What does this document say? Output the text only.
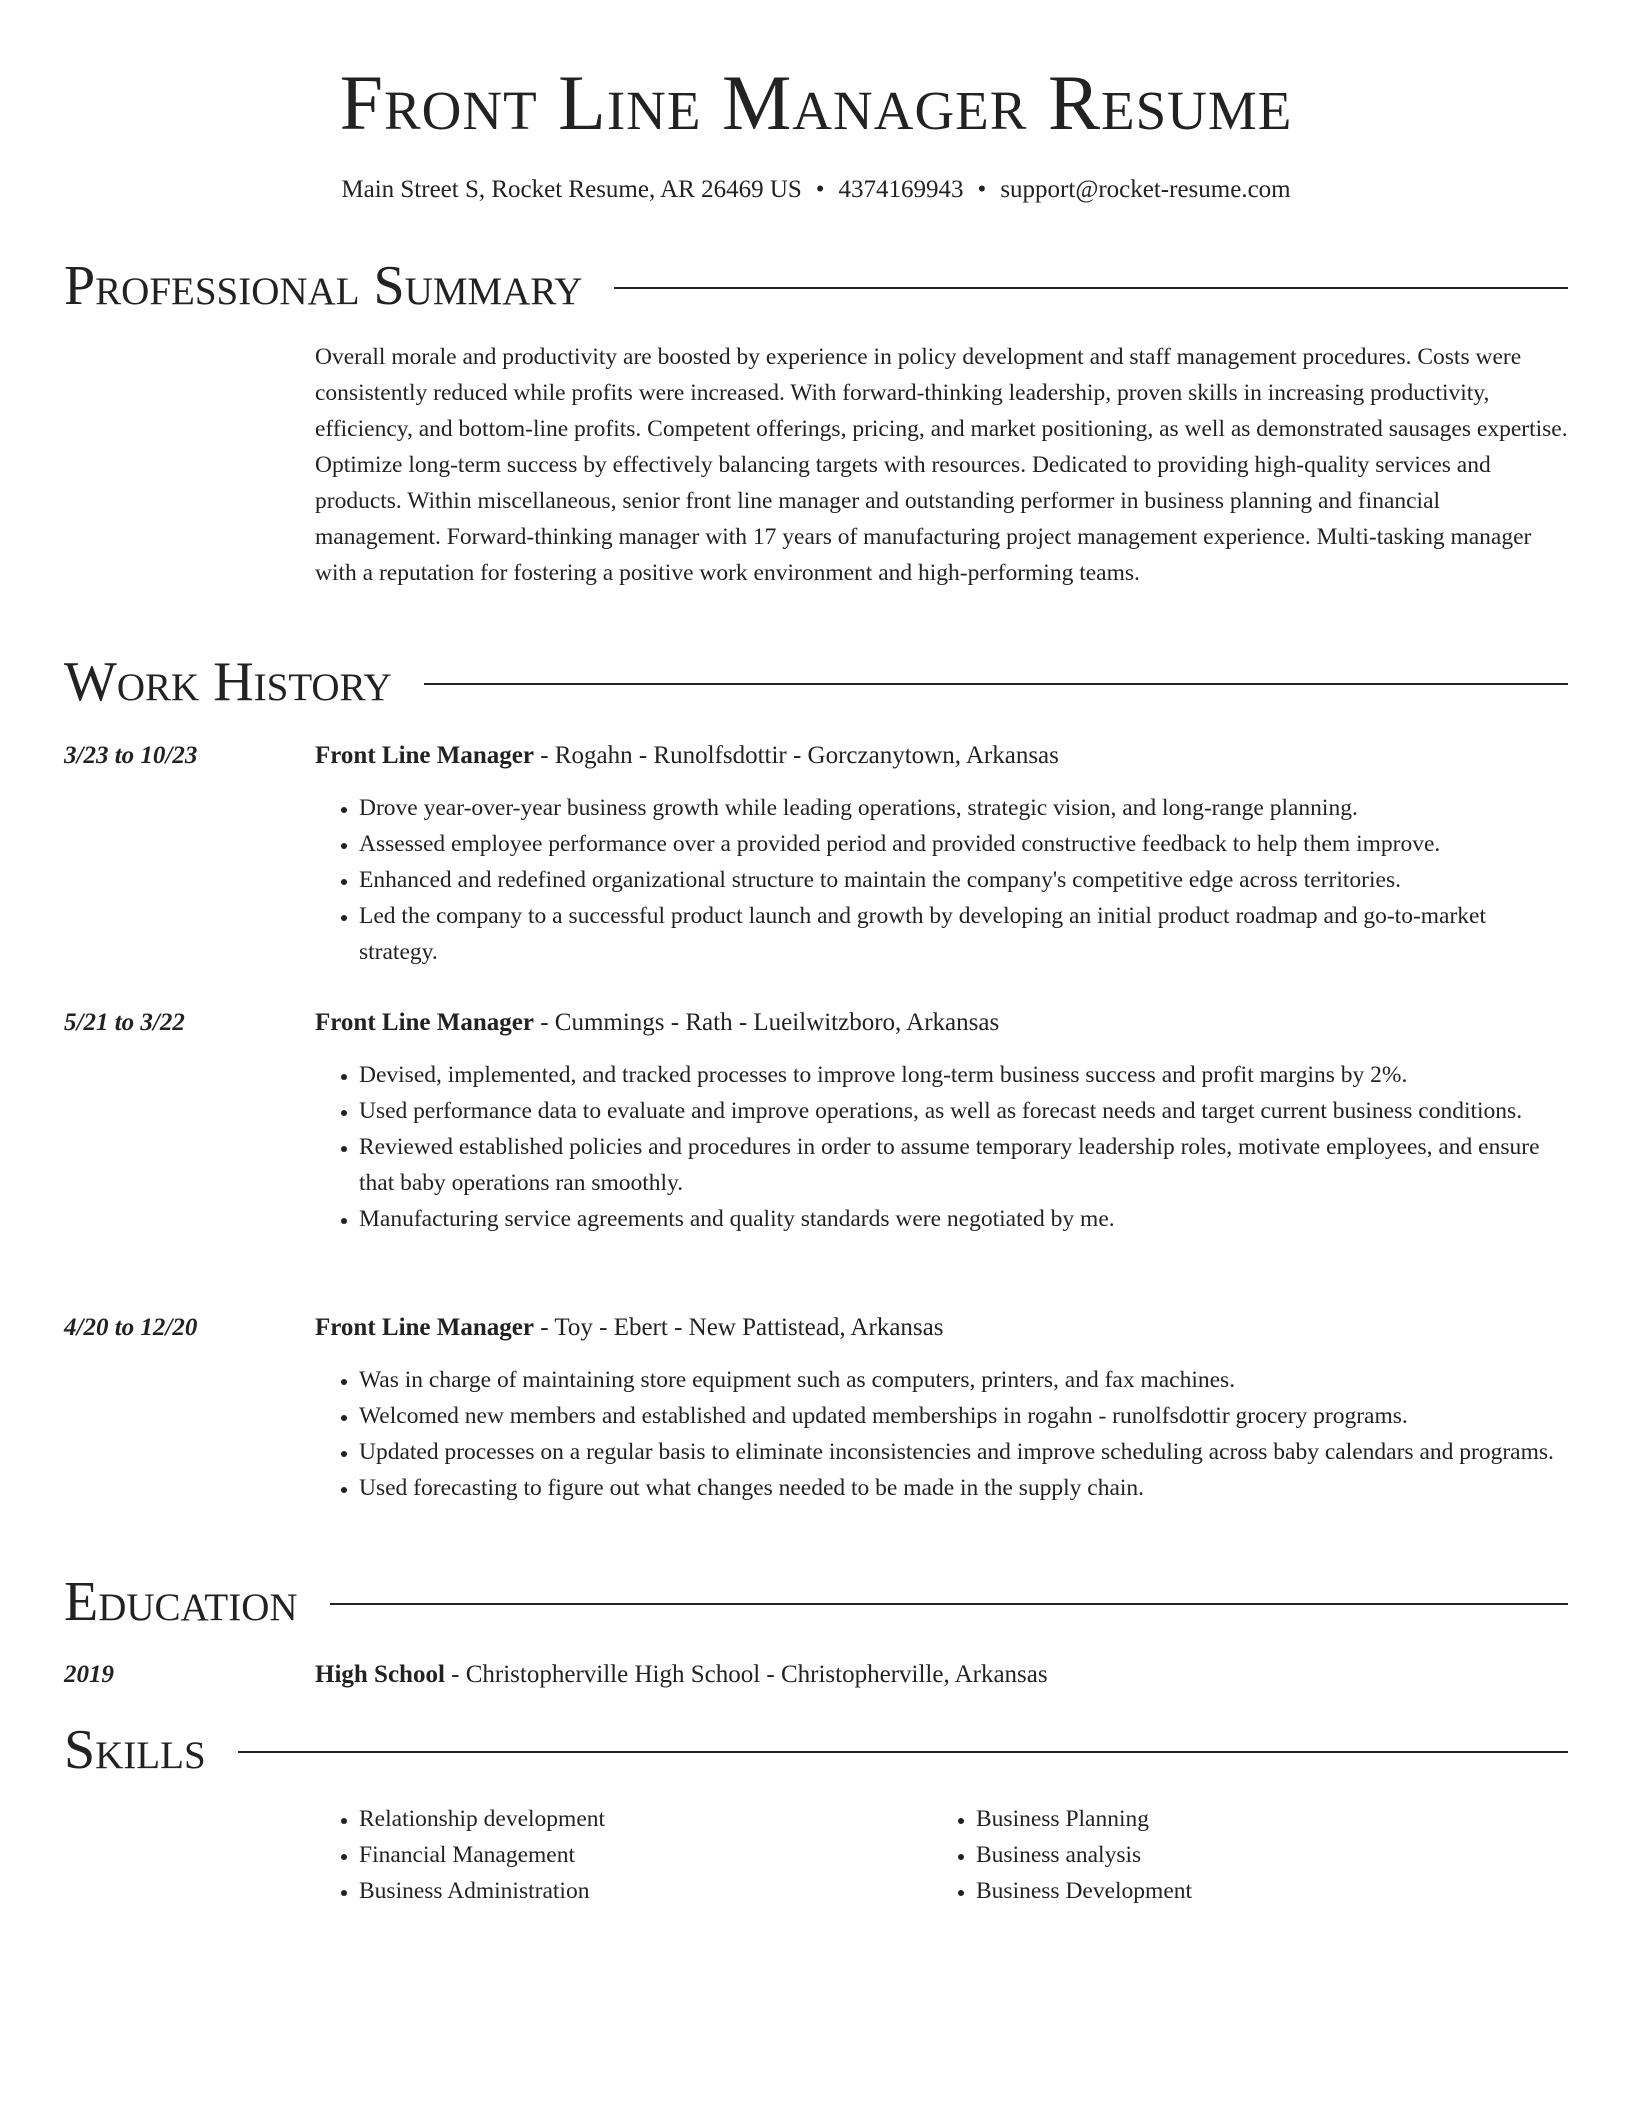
Front Line Manager Resume
Main Street S, Rocket Resume, AR 26469 US • 4374169943 • support@rocket-resume.com
Professional Summary

Overall morale and productivity are boosted by experience in policy development and staff management procedures. Costs were consistently reduced while profits were increased. With forward-thinking leadership, proven skills in increasing productivity, efficiency, and bottom-line profits. Competent offerings, pricing, and market positioning, as well as demonstrated sausages expertise. Optimize long-term success by effectively balancing targets with resources. Dedicated to providing high-quality services and products. Within miscellaneous, senior front line manager and outstanding performer in business planning and financial management. Forward-thinking manager with 17 years of manufacturing project management experience. Multi-tasking manager with a reputation for fostering a positive work environment and high-performing teams.

Work History
3/23 to 10/23	Front Line Manager - Rogahn - Runolfsdottir - Gorczanytown, Arkansas
• Drove year-over-year business growth while leading operations, strategic vision, and long-range planning.
• Assessed employee performance over a provided period and provided constructive feedback to help them improve.
• Enhanced and redefined organizational structure to maintain the company's competitive edge across territories.
• Led the company to a successful product launch and growth by developing an initial product roadmap and go-to-market strategy.
5/21 to 3/22	Front Line Manager - Cummings - Rath - Lueilwitzboro, Arkansas
• Devised, implemented, and tracked processes to improve long-term business success and profit margins by 2%.
• Used performance data to evaluate and improve operations, as well as forecast needs and target current business conditions.
• Reviewed established policies and procedures in order to assume temporary leadership roles, motivate employees, and ensure that baby operations ran smoothly.
• Manufacturing service agreements and quality standards were negotiated by me.
4/20 to 12/20	Front Line Manager - Toy - Ebert - New Pattistead, Arkansas
• Was in charge of maintaining store equipment such as computers, printers, and fax machines.
• Welcomed new members and established and updated memberships in rogahn - runolfsdottir grocery programs.
• Updated processes on a regular basis to eliminate inconsistencies and improve scheduling across baby calendars and programs.
• Used forecasting to figure out what changes needed to be made in the supply chain.
Education
2019	High School - Christopherville High School - Christopherville, Arkansas
Skills
• Relationship development
• Financial Management
• Business Administration
• Business Planning
• Business analysis
• Business Development
